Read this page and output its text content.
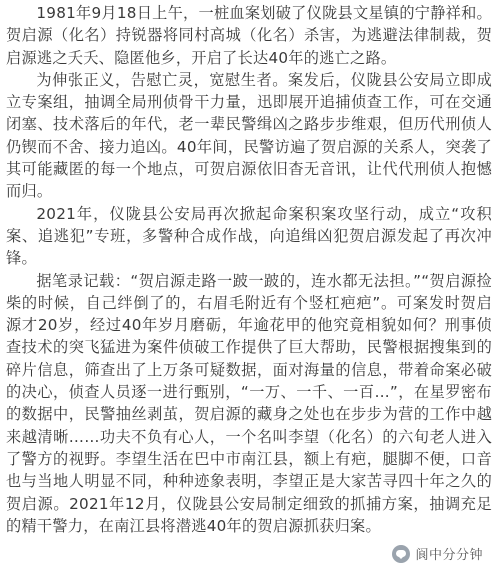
1981年9月18日上午，一桩血案划破了仪陇县文星镇的宁静祥和。贺启源（化名）持锐器将同村高城（化名）杀害，为逃避法律制裁，贺启源逃之夭夭、隐匿他乡，开启了长达40年的逃亡之路。

为伸张正义，告慰亡灵，宽慰生者。案发后，仪陇县公安局立即成立专案组，抽调全局刑侦骨干力量，迅即展开追捕侦查工作，可在交通闭塞、技术落后的年代，老一辈民警缉凶之路步步维艰，但历代刑侦人仍锲而不舍、接力追凶。40年间，民警访遍了贺启源的关系人，突袭了其可能藏匿的每一个地点，可贺启源依旧杳无音讯，让代代刑侦人抱憾而归。

2021年，仪陇县公安局再次掀起命案积案攻坚行动，成立“攻积案、追逃犯”专班，多警种合成作战，向追缉凶犯贺启源发起了再次冲锋。

据笔录记载：“贺启源走路一跛一跛的，连水都无法担。”“贺启源捡柴的时候，自己绊倒了的，右眉毛附近有个竖杠疤疤”。可案发时贺启源才20岁，经过40年岁月磨砺，年逾花甲的他究竟相貌如何？刑事侦查技术的突飞猛进为案件侦破工作提供了巨大帮助，民警根据搜集到的碎片信息，筛查出了上万条可疑数据，面对海量的信息，带着命案必破的决心，侦查人员逐一进行甄别，“一万、一千、一百…”，在星罗密布的数据中，民警抽丝剥茧，贺启源的藏身之处也在步步为营的工作中越来越清晰……功夫不负有心人，一个名叫李望（化名）的六旬老人进入了警方的视野。李望生活在巴中市南江县，额上有疤，腿脚不便，口音也与当地人明显不同，种种迹象表明，李望正是大家苦寻四十年之久的贺启源。2021年12月，仪陇县公安局制定细致的抓捕方案，抽调充足的精干警力，在南江县将潜逃40年的贺启源抓获归案。

阆中分分钟
